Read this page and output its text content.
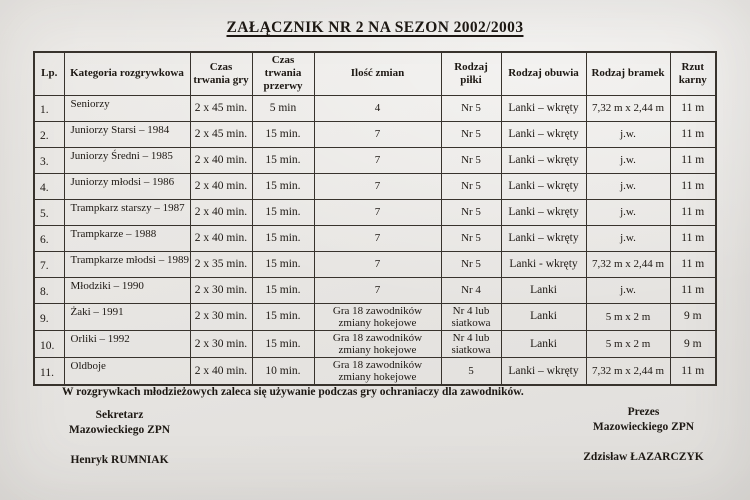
ZAŁĄCZNIK NR 2 NA SEZON 2002/2003
Lp.	Kategoria rozgrywkowa	Czas trwania gry	Czas trwania przerwy	Ilość zmian	Rodzaj piłki	Rodzaj obuwia	Rodzaj bramek	Rzut karny
1.	Seniorzy	2 x 45 min.	5 min	4	Nr 5	Lanki – wkręty	7,32 m x 2,44 m	11 m
2.	Juniorzy Starsi – 1984	2 x 45 min.	15 min.	7	Nr 5	Lanki – wkręty	j.w.	11 m
3.	Juniorzy Średni – 1985	2 x 40 min.	15 min.	7	Nr 5	Lanki – wkręty	j.w.	11 m
4.	Juniorzy młodsi – 1986	2 x 40 min.	15 min.	7	Nr 5	Lanki – wkręty	j.w.	11 m
5.	Trampkarz starszy – 1987	2 x 40 min.	15 min.	7	Nr 5	Lanki – wkręty	j.w.	11 m
6.	Trampkarze – 1988	2 x 40 min.	15 min.	7	Nr 5	Lanki – wkręty	j.w.	11 m
7.	Trampkarze młodsi – 1989	2 x 35 min.	15 min.	7	Nr 5	Lanki - wkręty	7,32 m x 2,44 m	11 m
8.	Młodziki – 1990	2 x 30 min.	15 min.	7	Nr 4	Lanki	j.w.	11 m
9.	Żaki – 1991	2 x 30 min.	15 min.	Gra 18 zawodników zmiany hokejowe	Nr 4 lub siatkowa	Lanki	5 m x 2 m	9 m
10.	Orliki – 1992	2 x 30 min.	15 min.	Gra 18 zawodników zmiany hokejowe	Nr 4 lub siatkowa	Lanki	5 m x 2 m	9 m
11.	Oldboje	2 x 40 min.	10 min.	Gra 18 zawodników zmiany hokejowe	5	Lanki – wkręty	7,32 m x 2,44 m	11 m

W rozgrywkach młodzieżowych zaleca się używanie podczas gry ochraniaczy dla zawodników.

Sekretarz
Mazowieckiego ZPN
Henryk RUMNIAK
Prezes
Mazowieckiego ZPN
Zdzisław ŁAZARCZYK
